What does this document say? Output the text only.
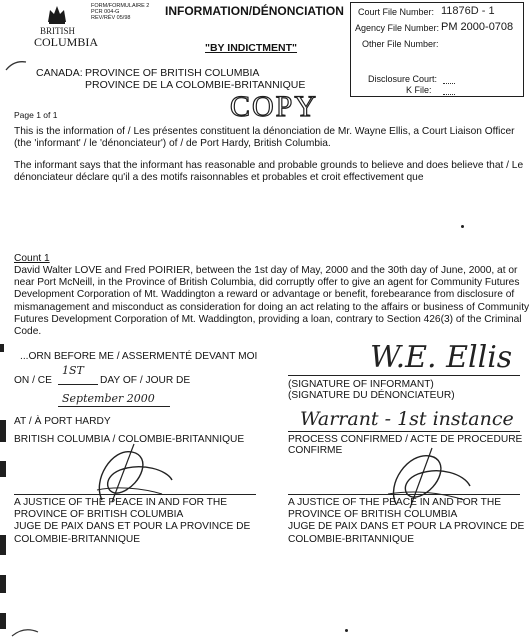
BRITISH
COLUMBIA
FORM/FORMULAIRE 2
PCR 004-G
REV/RÉV 05/98	INFORMATION/DÉNONCIATION
"BY INDICTMENT"
Court File Number: 11876D - 1
Agency File Number: PM 2000-0708
Other File Number:
Disclosure Court:
K File:
CANADA: PROVINCE OF BRITISH COLUMBIA
PROVINCE DE LA COLOMBIE-BRITANNIQUE
Page 1 of 1	COPY
This is the information of / Les présentes constituent la dénonciation de Mr. Wayne Ellis, a Court Liaison Officer (the 'informant' / le 'dénonciateur') of / de Port Hardy, British Columbia.
The informant says that the informant has reasonable and probable grounds to believe and does believe that / Le dénonciateur déclare qu'il a des motifs raisonnables et probables et croit effectivement que
Count 1
David Walter LOVE and Fred POIRIER, between the 1st day of May, 2000 and the 30th day of June, 2000, at or near Port McNeill, in the Province of British Columbia, did corruptly offer to give an agent for Community Futures Development Corporation of Mt. Waddington a reward or advantage or benefit, forebearance from disclosure of mismanagement and misconduct as consideration for doing an act relating to the affairs or business of Community Futures Development Corporation of Mt. Waddington, providing a loan, contrary to Section 426(3) of the Criminal Code.
...ORN BEFORE ME / ASSERMENTÉ DEVANT MOI
ON / CE
1ST
DAY OF / JOUR DE
September 2000
AT / À PORT HARDY
BRITISH COLUMBIA / COLOMBIE-BRITANNIQUE
W.E. Ellis
(SIGNATURE OF INFORMANT)
(SIGNATURE DU DÉNONCIATEUR)
Warrant - 1st instance
PROCESS CONFIRMED / ACTE DE PROCEDURE
CONFIRME
A JUSTICE OF THE PEACE IN AND FOR THE
PROVINCE OF BRITISH COLUMBIA
JUGE DE PAIX DANS ET POUR LA PROVINCE DE
COLOMBIE-BRITANNIQUE
A JUSTICE OF THE PEACE IN AND FOR THE
PROVINCE OF BRITISH COLUMBIA
JUGE DE PAIX DANS ET POUR LA PROVINCE DE
COLOMBIE-BRITANNIQUE
